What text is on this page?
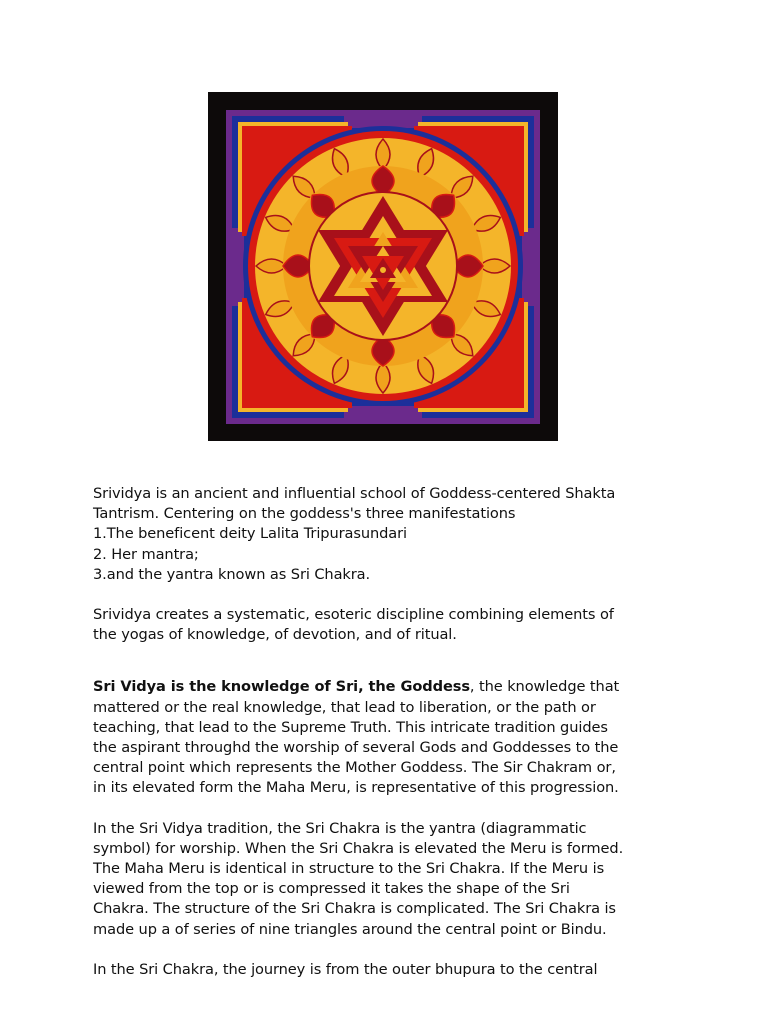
Srividya is an ancient and influential school of Goddess-centered Shakta

Tantrism. Centering on the goddess's three manifestations

1.The beneficent deity Lalita Tripurasundari

2. Her mantra;

3.and the yantra known as Sri Chakra.

Srividya creates a systematic, esoteric discipline combining elements of

the yogas of knowledge, of devotion, and of ritual.

Sri Vidya is the knowledge of Sri, the Goddess, the knowledge that

mattered or the real knowledge, that lead to liberation, or the path or

teaching, that lead to the Supreme Truth. This intricate tradition guides

the aspirant throughd the worship of several Gods and Goddesses to the

central point which represents the Mother Goddess. The Sir Chakram or,

in its elevated form the Maha Meru, is representative of this progression.

In the Sri Vidya tradition, the Sri Chakra is the yantra (diagrammatic

symbol) for worship. When the Sri Chakra is elevated the Meru is formed.

The Maha Meru is identical in structure to the Sri Chakra. If the Meru is

viewed from the top or is compressed it takes the shape of the Sri

Chakra. The structure of the Sri Chakra is complicated. The Sri Chakra is

made up a of series of nine triangles around the central point or Bindu.

In the Sri Chakra, the journey is from the outer bhupura to the central
